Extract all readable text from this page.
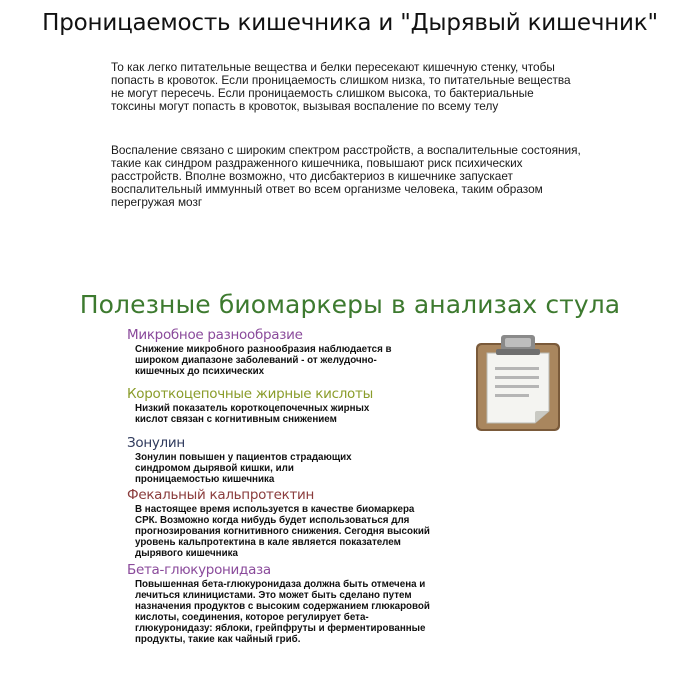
Проницаемость кишечника и "Дырявый кишечник"
То как легко питательные вещества и белки пересекают кишечную стенку, чтобы попасть в кровоток. Если проницаемость слишком низка, то питательные вещества не могут пересечь. Если проницаемость слишком высока, то бактериальные токсины могут попасть в кровоток, вызывая воспаление по всему телу
Воспаление связано с широким спектром расстройств, а воспалительные состояния, такие как синдром раздраженного кишечника, повышают риск психических расстройств. Вполне возможно, что дисбактериоз в кишечнике запускает воспалительный иммунный ответ во всем организме человека, таким образом перегружая мозг
Полезные биомаркеры в анализах стула
Микробное разнообразие

Снижение микробного разнообразия наблюдается в широком диапазоне заболеваний - от желудочно-кишечных до психических

Короткоцепочные жирные кислоты

Низкий показатель короткоцепочечных жирных кислот связан с когнитивным снижением

Зонулин

Зонулин повышен у пациентов страдающих синдромом дырявой кишки, или проницаемостью кишечника

Фекальный кальпротектин

В настоящее время используется в качестве биомаркера СРК. Возможно когда нибудь будет использоваться для прогнозирования когнитивного снижения. Сегодня высокий уровень кальпротектина в кале является показателем дырявого кишечника

Бета-глюкуронидаза

Повышенная бета-глюкуронидаза должна быть отмечена и лечиться клиницистами. Это может быть сделано путем назначения продуктов с высоким содержанием глюкаровой кислоты, соединения, которое регулирует бета-глюкуронидазу: яблоки, грейпфруты и ферментированные продукты, такие как чайный гриб.
